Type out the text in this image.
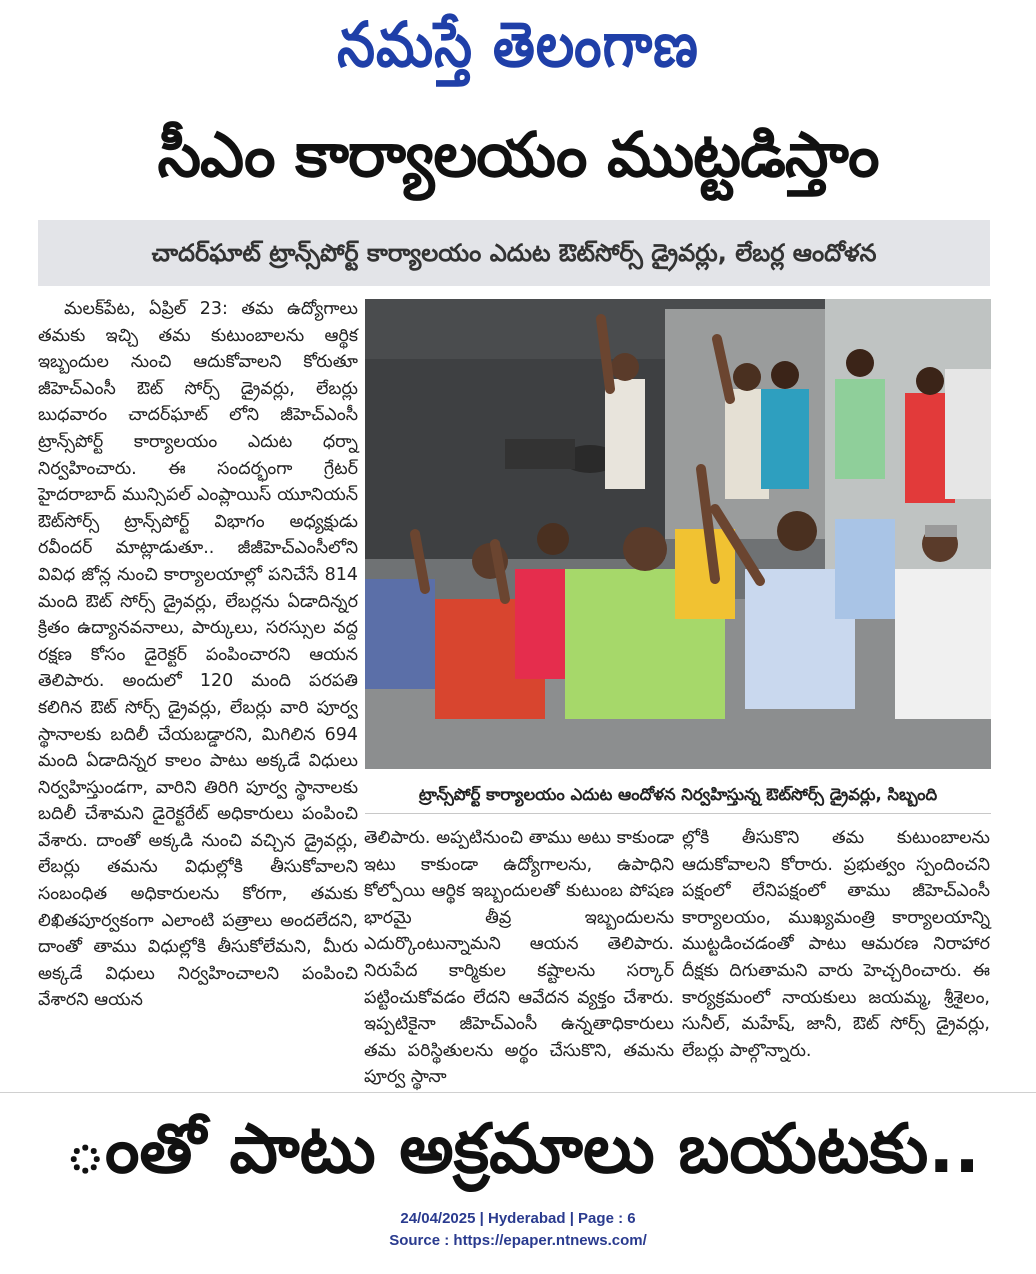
నమస్తే తెలంగాణ
సీఎం కార్యాలయం ముట్టడిస్తాం
చాదర్‌ఘాట్ ట్రాన్స్‌పోర్ట్ కార్యాలయం ఎదుట ఔట్‌సోర్స్ డ్రైవర్లు, లేబర్ల ఆందోళన

మలక్‌పేట, ఏప్రిల్ 23: తమ ఉద్యోగాలు తమకు ఇచ్చి తమ కుటుంబాలను ఆర్థిక ఇబ్బందుల నుంచి ఆదుకోవాలని కోరుతూ జీహెచ్‌ఎంసీ ఔట్ సోర్స్ డ్రైవర్లు, లేబర్లు బుధవారం చాదర్‌ఘాట్ లోని జీహెచ్‌ఎంసీ ట్రాన్స్‌పోర్ట్ కార్యాలయం ఎదుట ధర్నా నిర్వహించారు. ఈ సందర్భంగా గ్రేటర్ హైదరాబాద్ మున్సిపల్ ఎంప్లాయిస్ యూనియన్ ఔట్‌సోర్స్ ట్రాన్స్‌పోర్ట్ విభాగం అధ్యక్షుడు రవీందర్ మాట్లాడుతూ.. జీజీహెచ్‌ఎంసీలోని వివిధ జోన్ల నుంచి కార్యాలయాల్లో పనిచేసే 814 మంది ఔట్ సోర్స్ డ్రైవర్లు, లేబర్లను ఏడాదిన్నర క్రితం ఉద్యానవనాలు, పార్కులు, సరస్సుల వద్ద రక్షణ కోసం డైరెక్టర్ పంపించారని ఆయన తెలిపారు. అందులో 120 మంది పరపతి కలిగిన ఔట్ సోర్స్ డ్రైవర్లు, లేబర్లు వారి పూర్వ స్థానాలకు బదిలీ చేయబడ్డారని, మిగిలిన 694 మంది ఏడాదిన్నర కాలం పాటు అక్కడే విధులు నిర్వహిస్తుండగా, వారిని తిరిగి పూర్వ స్థానాలకు బదిలీ చేశామని డైరెక్టరేట్ అధికారులు పంపించి వేశారు. దాంతో అక్కడి నుంచి వచ్చిన డ్రైవర్లు, లేబర్లు తమను విధుల్లోకి తీసుకోవాలని సంబంధిత అధికారులను కోరగా, తమకు లిఖితపూర్వకంగా ఎలాంటి పత్రాలు అందలేదని, దాంతో తాము విధుల్లోకి తీసుకోలేమని, మీరు అక్కడే విధులు నిర్వహించాలని పంపించి వేశారని ఆయన

ట్రాన్స్‌పోర్ట్ కార్యాలయం ఎదుట ఆందోళన నిర్వహిస్తున్న ఔట్‌సోర్స్ డ్రైవర్లు, సిబ్బంది

తెలిపారు. అప్పటినుంచి తాము అటు కాకుండా ఇటు కాకుండా ఉద్యోగాలను, ఉపాధిని కోల్పోయి ఆర్థిక ఇబ్బందులతో కుటుంబ పోషణ భారమై తీవ్ర ఇబ్బందులను ఎదుర్కొంటున్నామని ఆయన తెలిపారు. నిరుపేద కార్మికుల కష్టాలను సర్కార్ పట్టించుకోవడం లేదని ఆవేదన వ్యక్తం చేశారు. ఇప్పటికైనా జీహెచ్‌ఎంసీ ఉన్నతాధికారులు తమ పరిస్థితులను అర్థం చేసుకొని, తమను పూర్వ స్థానా

ల్లోకి తీసుకొని తమ కుటుంబాలను ఆదుకోవాలని కోరారు. ప్రభుత్వం స్పందించని పక్షంలో లేనిపక్షంలో తాము జీహెచ్‌ఎంసీ కార్యాలయం, ముఖ్యమంత్రి కార్యాలయాన్ని ముట్టడించడంతో పాటు ఆమరణ నిరాహార దీక్షకు దిగుతామని వారు హెచ్చరించారు. ఈ కార్యక్రమంలో నాయకులు జయమ్మ, శ్రీశైలం, సునీల్, మహేష్, జానీ, ఔట్ సోర్స్ డ్రైవర్లు, లేబర్లు పాల్గొన్నారు.

ంతో పాటు అక్రమాలు బయటకు..
24/04/2025 | Hyderabad | Page : 6
Source : https://epaper.ntnews.com/
